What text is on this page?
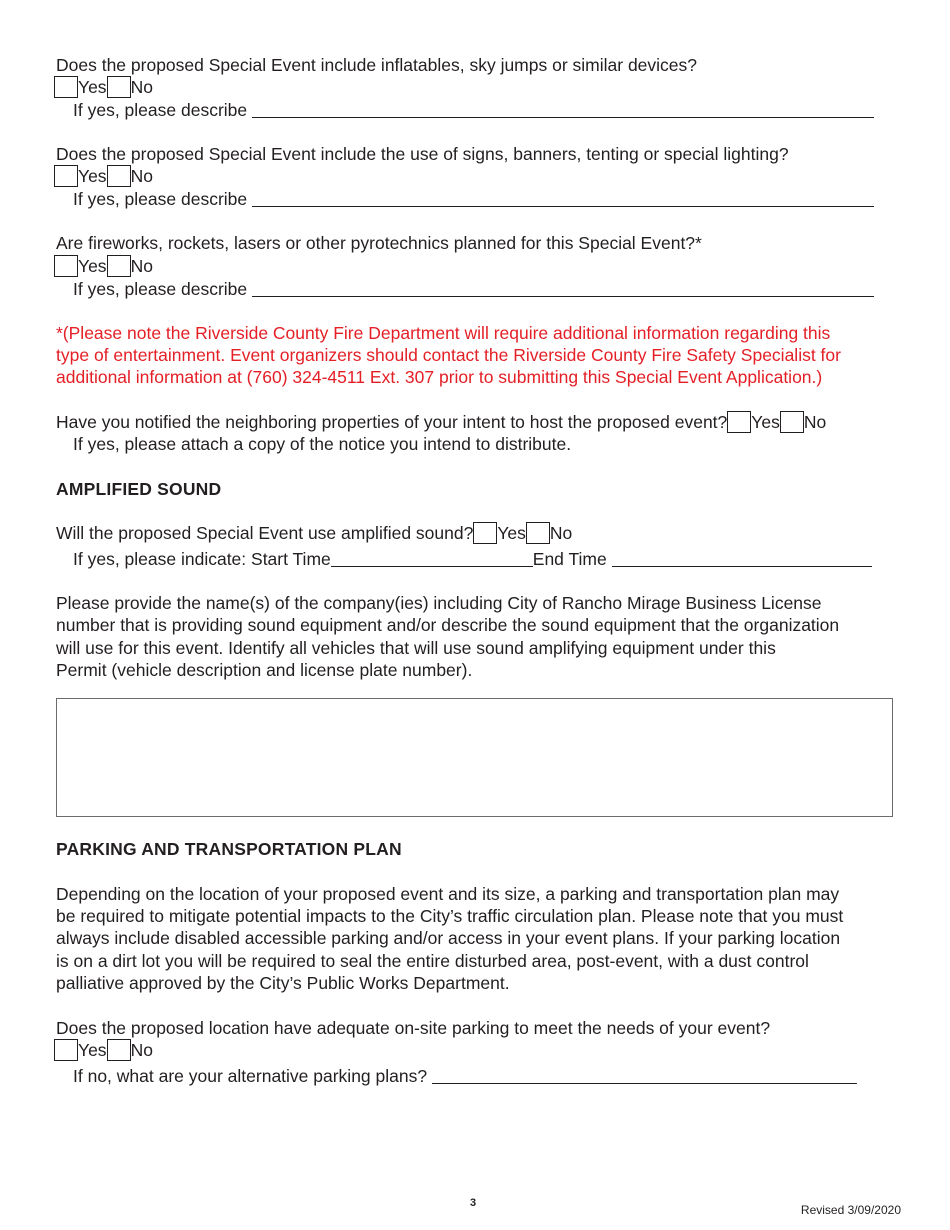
Does the proposed Special Event include inflatables, sky jumps or similar devices?
Yes No
If yes, please describe
Does the proposed Special Event include the use of signs, banners, tenting or special lighting?
Yes No
If yes, please describe
Are fireworks, rockets, lasers or other pyrotechnics planned for this Special Event?*
Yes No
If yes, please describe
*(Please note the Riverside County Fire Department will require additional information regarding this
type of entertainment. Event organizers should contact the Riverside County Fire Safety Specialist for
additional information at (760) 324-4511 Ext. 307 prior to submitting this Special Event Application.)
Have you notified the neighboring properties of your intent to host the proposed event? Yes No
If yes, please attach a copy of the notice you intend to distribute.
AMPLIFIED SOUND
Will the proposed Special Event use amplified sound? Yes No
If yes, please indicate: Start Time	End Time
Please provide the name(s) of the company(ies) including City of Rancho Mirage Business License
number that is providing sound equipment and/or describe the sound equipment that the organization
will use for this event. Identify all vehicles that will use sound amplifying equipment under this
Permit (vehicle description and license plate number).
PARKING AND TRANSPORTATION PLAN
Depending on the location of your proposed event and its size, a parking and transportation plan may
be required to mitigate potential impacts to the City’s traffic circulation plan. Please note that you must
always include disabled accessible parking and/or access in your event plans. If your parking location
is on a dirt lot you will be required to seal the entire disturbed area, post-event, with a dust control
palliative approved by the City’s Public Works Department.
Does the proposed location have adequate on-site parking to meet the needs of your event?
Yes No
If no, what are your alternative parking plans?
3	Revised 3/09/2020
